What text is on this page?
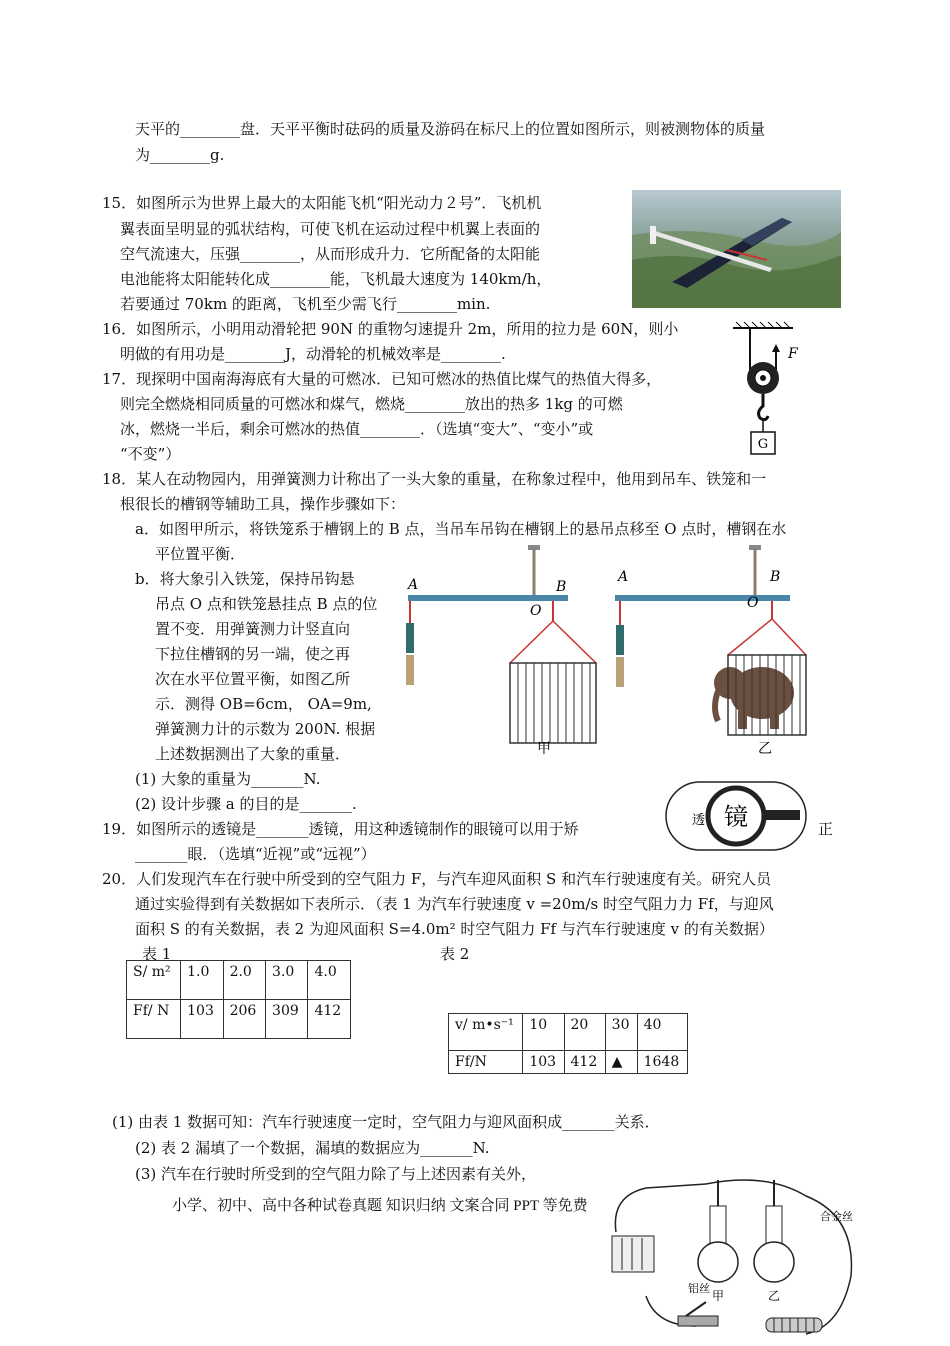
天平的________盘．天平平衡时砝码的质量及游码在标尺上的位置如图所示，则被测物体的质量
为________g.
15．如图所示为世界上最大的太阳能飞机“阳光动力２号”．飞机机
翼表面呈明显的弧状结构，可使飞机在运动过程中机翼上表面的
空气流速大，压强________，从而形成升力．它所配备的太阳能
电池能将太阳能转化成________能，飞机最大速度为 140km/h，
若要通过 70km 的距离，飞机至少需飞行________min.
16．如图所示，小明用动滑轮把 90N 的重物匀速提升 2m，所用的拉力是 60N，则小
明做的有用功是________J，动滑轮的机械效率是________.
17．现探明中国南海海底有大量的可燃冰．已知可燃冰的热值比煤气的热值大得多，
则完全燃烧相同质量的可燃冰和煤气，燃烧________放出的热多 1kg 的可燃
冰，燃烧一半后，剩余可燃冰的热值________．（选填“变大”、“变小”或
“不变”）
18．某人在动物园内，用弹簧测力计称出了一头大象的重量，在称象过程中，他用到吊车、铁笼和一
根很长的槽钢等辅助工具，操作步骤如下：
a．如图甲所示，将铁笼系于槽钢上的 B 点，当吊车吊钩在槽钢上的悬吊点移至 O 点时，槽钢在水
平位置平衡．
b．将大象引入铁笼，保持吊钩悬
吊点 O 点和铁笼悬挂点 B 点的位
置不变．用弹簧测力计竖直向
下拉住槽钢的另一端，使之再
次在水平位置平衡，如图乙所
示．测得 OB=6cm， OA=9m,
弹簧测力计的示数为 200N. 根据
上述数据测出了大象的重量．
(1) 大象的重量为_______N.
(2) 设计步骤 a 的目的是_______.
19．如图所示的透镜是_______透镜，用这种透镜制作的眼镜可以用于矫	正
_______眼．（选填“近视”或“远视”）
20．人们发现汽车在行驶中所受到的空气阻力 F，与汽车迎风面积 S 和汽车行驶速度有关。研究人员
通过实验得到有关数据如下表所示．（表 1 为汽车行驶速度 v =20m/s 时空气阻力力 Ff，与迎风
面积 S 的有关数据，表 2 为迎风面积 S=4.0m² 时空气阻力 Ff 与汽车行驶速度 v 的有关数据）
(1) 由表 1 数据可知：汽车行驶速度一定时，空气阻力与迎风面积成_______关系．
(2) 表 2 漏填了一个数据，漏填的数据应为_______N.
(3) 汽车在行驶时所受到的空气阻力除了与上述因素有关外，
小学、初中、高中各种试卷真题 知识归纳 文案合同 PPT 等免费
表 1	表 2
S/ m²	1.0	2.0	3.0	4.0
Ff/ N	103	206	309	412
v/ m•s⁻¹	10	20	30	40
Ff/N	103	412	▲	1648
F
G
A	B
O
甲
A	B
O
乙
透 镜
合金丝
铝丝
甲	乙
